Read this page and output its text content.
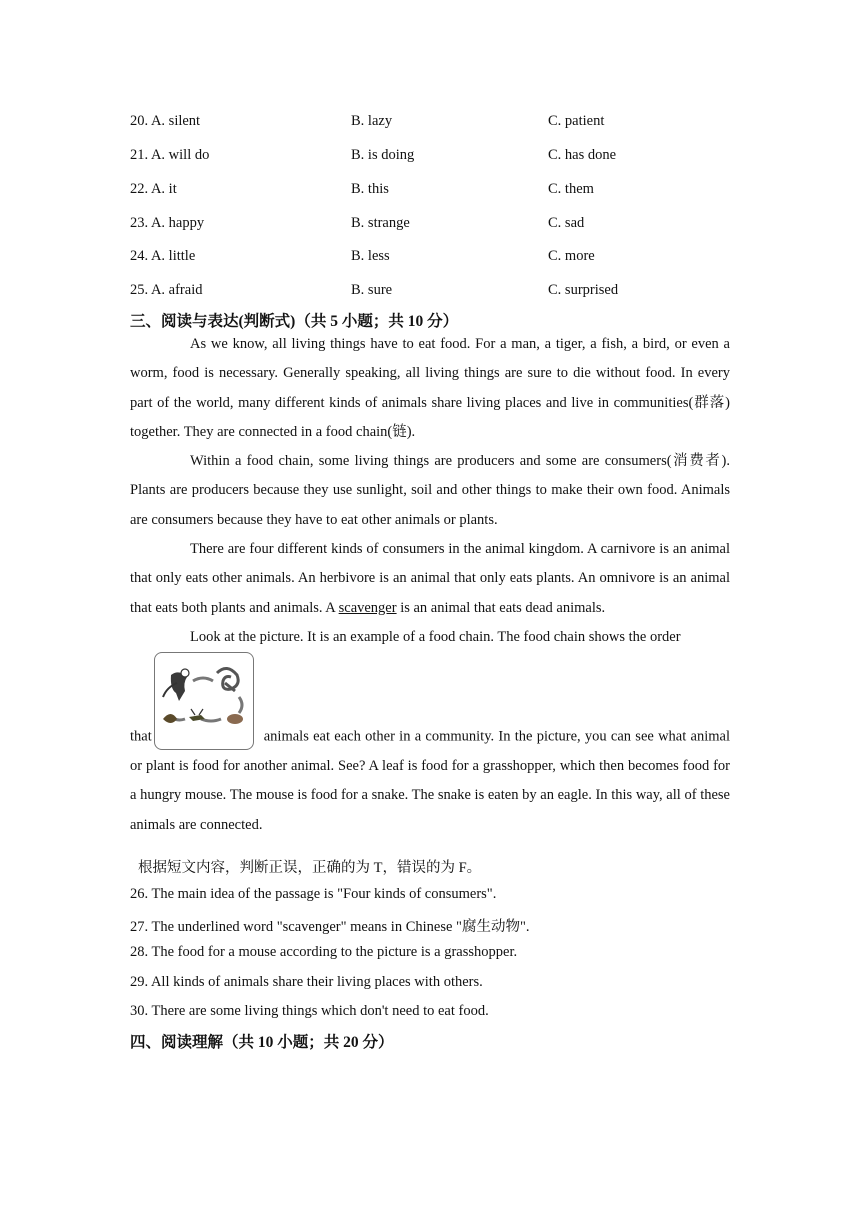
20. A. silent	B. lazy	C. patient
21. A. will do	B. is doing	C. has done
22. A. it	B. this	C. them
23. A. happy	B. strange	C. sad
24. A. little	B. less	C. more
25. A. afraid	B. sure	C. surprised
三、阅读与表达(判断式)（共 5 小题；共 10 分）

As we know, all living things have to eat food. For a man, a tiger, a fish, a bird, or even a worm, food is necessary. Generally speaking, all living things are sure to die without food. In every part of the world, many different kinds of animals share living places and live in communities(群落) together. They are connected in a food chain(链).

Within a food chain, some living things are producers and some are consumers(消费者). Plants are producers because they use sunlight, soil and other things to make their own food. Animals are consumers because they have to eat other animals or plants.

There are four different kinds of consumers in the animal kingdom. A carnivore is an animal that only eats other animals. An herbivore is an animal that only eats plants. An omnivore is an animal that eats both plants and animals. A scavenger is an animal that eats dead animals.

Look at the picture. It is an example of a food chain. The food chain shows the order

that	animals eat each other in a community. In the picture, you can see what animal or plant is food for another animal. See? A leaf is food for a grasshopper, which then becomes food for a hungry mouse. The mouse is food for a snake. The snake is eaten by an eagle. In this way, all of these animals are connected.

根据短文内容，判断正误，正确的为 T，错误的为 F。
26. The main idea of the passage is "Four kinds of consumers".
27. The underlined word "scavenger" means in Chinese "腐生动物".
28. The food for a mouse according to the picture is a grasshopper.
29. All kinds of animals share their living places with others.
30. There are some living things which don't need to eat food.
四、阅读理解（共 10 小题；共 20 分）
